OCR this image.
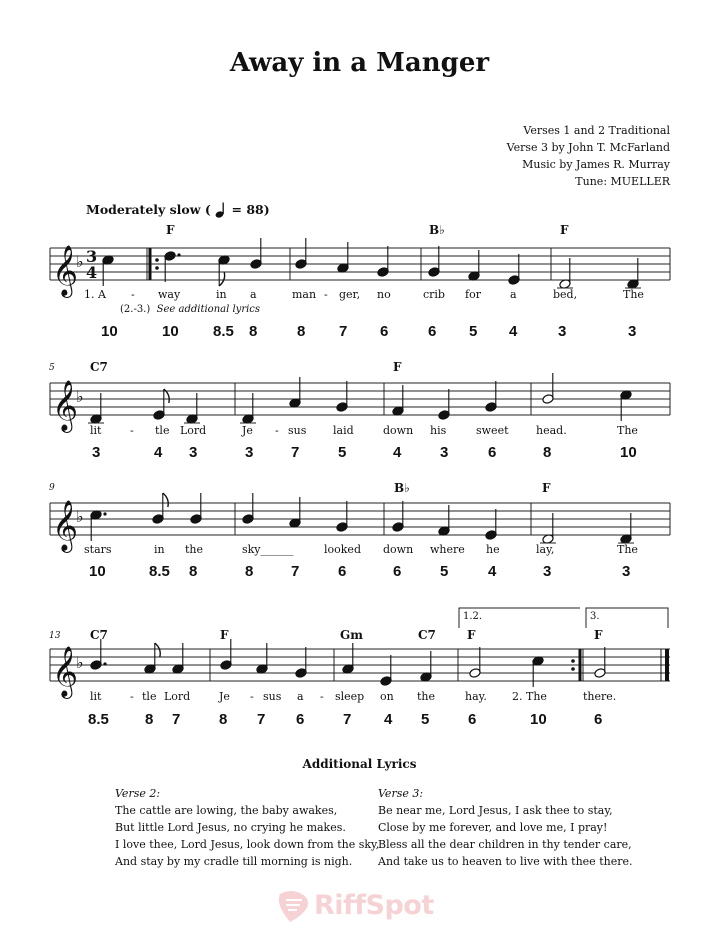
Away in a Manger
Verses 1 and 2 Traditional
Verse 3 by John T. McFarland
Music by James R. Murray
Tune: MUELLER
Moderately slow ( = 88)
𝄞
♭ 3
4
𝄞
♭
𝄞
♭
𝄞
♭
F	B♭	F
1. A - way	in a	man - ger, no	crib for	a	bed,	The
(2.-3.) See additional lyrics
10	10 8.5 8	8 7 6	6 5 4	3	3
5	C7	F
lit	- tle Lord	Je - sus laid	down his	sweet head.	The
3	4 3	3	7	5	4	3	6	8	10
9	B♭	F
stars	in the	sky______	looked down where he	lay,	The
10	8.5 8	8	7	6	6	5	4	3	3
13 C7	F	Gm	C7	F	F
1.2.	3.
lit	- tle Lord	Je - sus a - sleep on the	hay. 2. The	there.
8.5 8 7	8 7 6	7 4 5	6	10	6
Additional Lyrics
Verse 2:
The cattle are lowing, the baby awakes,
But little Lord Jesus, no crying he makes.
I love thee, Lord Jesus, look down from the sky,
And stay by my cradle till morning is nigh.
Verse 3:
Be near me, Lord Jesus, I ask thee to stay,
Close by me forever, and love me, I pray!
Bless all the dear children in thy tender care,
And take us to heaven to live with thee there.
RiffSpot
